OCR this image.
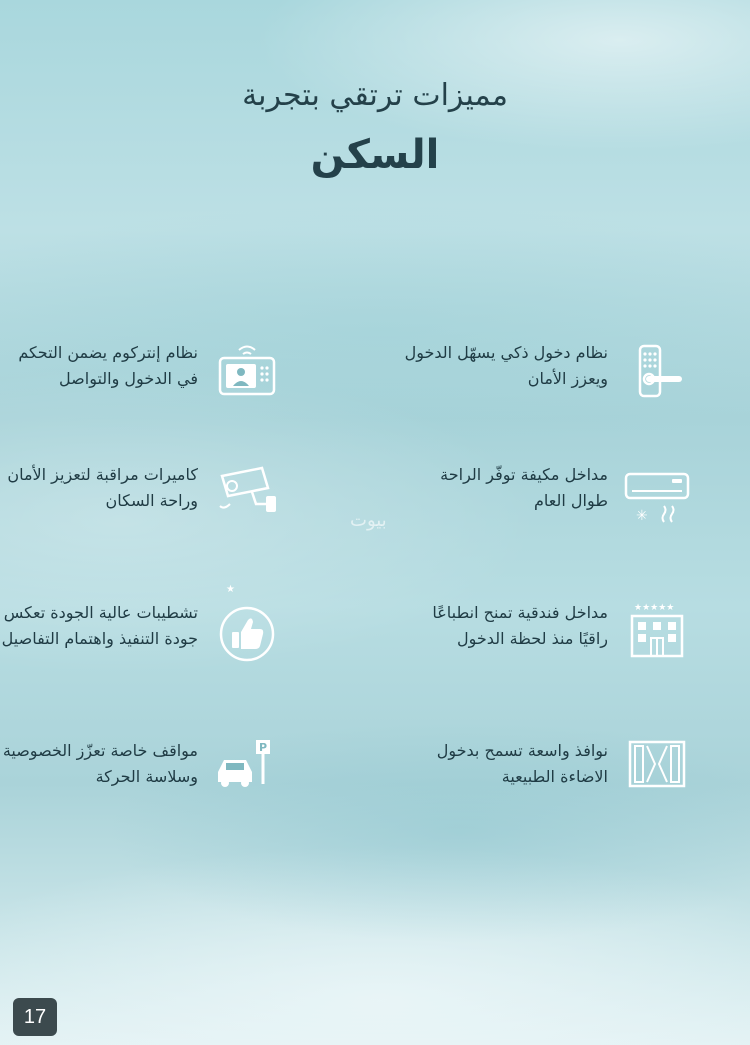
مميزات ترتقي بتجربة
السكن
نظام دخول ذكي يسهّل الدخول
ويعزز الأمان
نظام إنتركوم يضمن التحكم
في الدخول والتواصل
✳
مداخل مكيفة توفّر الراحة
طوال العام
كاميرات مراقبة لتعزيز الأمان
وراحة السكان
★★★★★
مداخل فندقية تمنح انطباعًا
راقيًا منذ لحظة الدخول
★
تشطيبات عالية الجودة تعكس
جودة التنفيذ واهتمام التفاصيل
نوافذ واسعة تسمح بدخول
الاضاءة الطبيعية
P
مواقف خاصة تعزّز الخصوصية
وسلاسة الحركة
بيوت
17
